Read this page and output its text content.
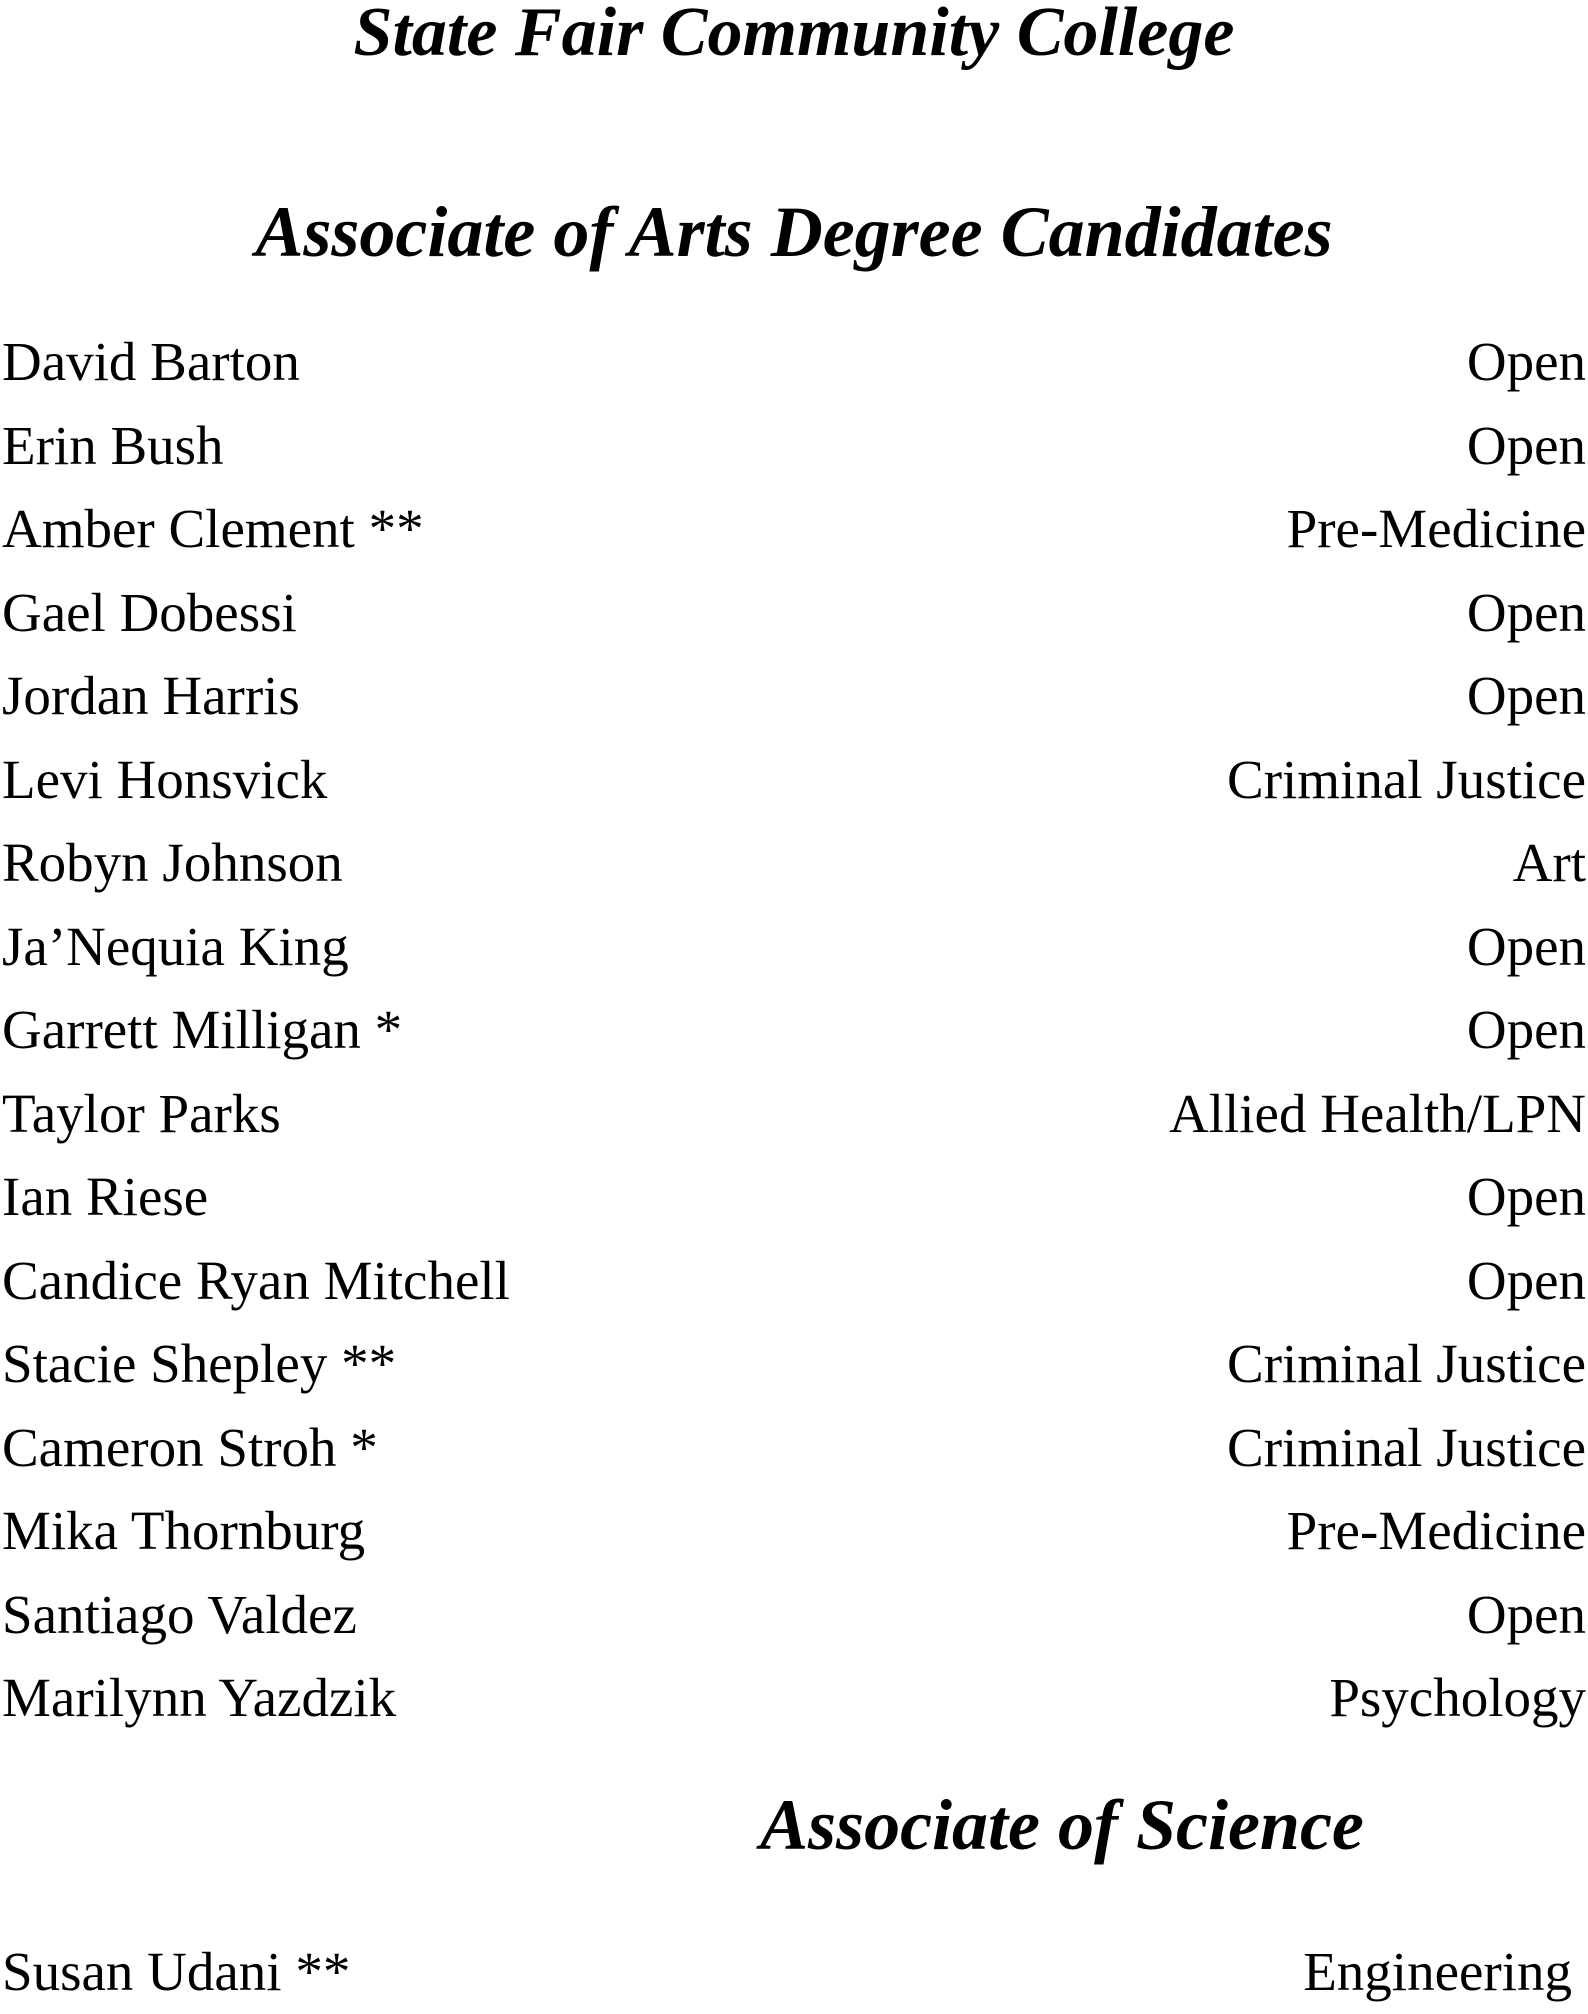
State Fair Community College
Associate of Arts Degree Candidates
David Barton	Open
Erin Bush	Open
Amber Clement **	Pre-Medicine
Gael Dobessi	Open
Jordan Harris	Open
Levi Honsvick	Criminal Justice
Robyn Johnson	Art
Ja’Nequia King	Open
Garrett Milligan *	Open
Taylor Parks	Allied Health/LPN
Ian Riese	Open
Candice Ryan Mitchell	Open
Stacie Shepley **	Criminal Justice
Cameron Stroh *	Criminal Justice
Mika Thornburg	Pre-Medicine
Santiago Valdez	Open
Marilynn Yazdzik	Psychology
Associate of Science
Susan Udani **	Engineering
